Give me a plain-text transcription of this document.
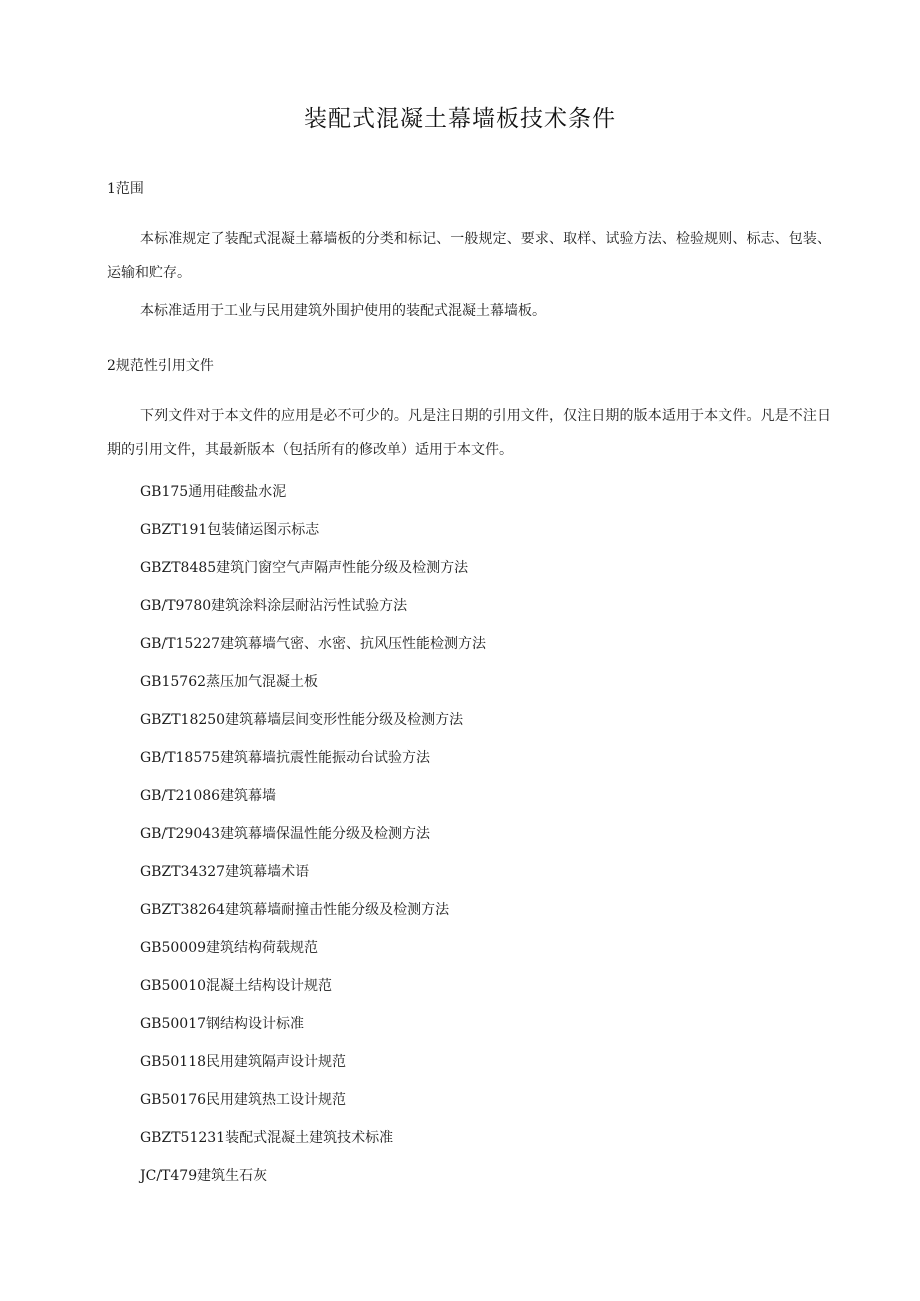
装配式混凝土幕墙板技术条件
1范围

本标准规定了装配式混凝土幕墙板的分类和标记、一般规定、要求、取样、试验方法、检验规则、标志、包装、运输和贮存。

本标准适用于工业与民用建筑外围护使用的装配式混凝土幕墙板。

2规范性引用文件

下列文件对于本文件的应用是必不可少的。凡是注日期的引用文件，仅注日期的版本适用于本文件。凡是不注日期的引用文件，其最新版本（包括所有的修改单）适用于本文件。

GB175通用硅酸盐水泥
GBZT191包装储运图示标志
GBZT8485建筑门窗空气声隔声性能分级及检测方法
GB/T9780建筑涂料涂层耐沾污性试验方法
GB/T15227建筑幕墙气密、水密、抗风压性能检测方法
GB15762蒸压加气混凝土板
GBZT18250建筑幕墙层间变形性能分级及检测方法
GB/T18575建筑幕墙抗震性能振动台试验方法
GB/T21086建筑幕墙
GB/T29043建筑幕墙保温性能分级及检测方法
GBZT34327建筑幕墙术语
GBZT38264建筑幕墙耐撞击性能分级及检测方法
GB50009建筑结构荷载规范
GB50010混凝土结构设计规范
GB50017钢结构设计标准
GB50118民用建筑隔声设计规范
GB50176民用建筑热工设计规范
GBZT51231装配式混凝土建筑技术标准
JC/T479建筑生石灰
